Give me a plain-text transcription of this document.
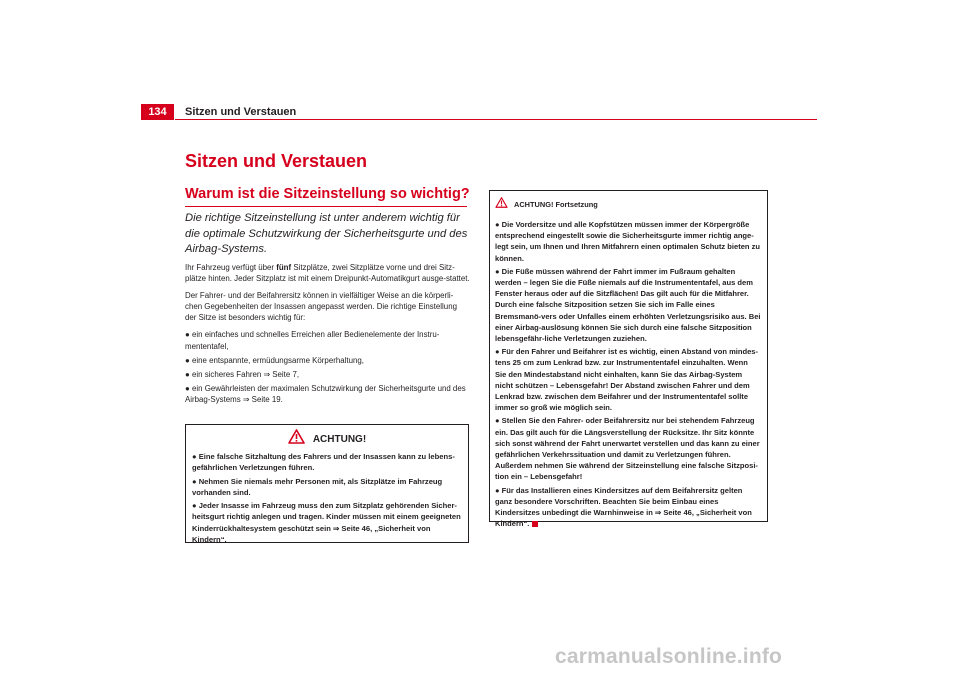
134	Sitzen und Verstauen
Sitzen und Verstauen
Warum ist die Sitzeinstellung so wichtig?

Die richtige Sitzeinstellung ist unter anderem wichtig für die optimale Schutzwirkung der Sicherheitsgurte und des Airbag-Systems.

Ihr Fahrzeug verfügt über fünf Sitzplätze, zwei Sitzplätze vorne und drei Sitz-plätze hinten. Jeder Sitzplatz ist mit einem Dreipunkt-Automatikgurt ausge-stattet.

Der Fahrer- und der Beifahrersitz können in vielfältiger Weise an die körperli-chen Gegebenheiten der Insassen angepasst werden. Die richtige Einstellung der Sitze ist besonders wichtig für:

● ein einfaches und schnelles Erreichen aller Bedienelemente der Instru-mententafel,
● eine entspannte, ermüdungsarme Körperhaltung,
● ein sicheres Fahren ⇒ Seite 7,
● ein Gewährleisten der maximalen Schutzwirkung der Sicherheitsgurte und des Airbag-Systems ⇒ Seite 19.
ACHTUNG!
● Eine falsche Sitzhaltung des Fahrers und der Insassen kann zu lebens-gefährlichen Verletzungen führen.
● Nehmen Sie niemals mehr Personen mit, als Sitzplätze im Fahrzeug vorhanden sind.
● Jeder Insasse im Fahrzeug muss den zum Sitzplatz gehörenden Sicher-heitsgurt richtig anlegen und tragen. Kinder müssen mit einem geeigneten Kinderrückhaltesystem geschützt sein ⇒ Seite 46, „Sicherheit von Kindern“.
ACHTUNG! Fortsetzung
● Die Vordersitze und alle Kopfstützen müssen immer der Körpergröße entsprechend eingestellt sowie die Sicherheitsgurte immer richtig ange-legt sein, um Ihnen und Ihren Mitfahrern einen optimalen Schutz bieten zu können.
● Die Füße müssen während der Fahrt immer im Fußraum gehalten werden – legen Sie die Füße niemals auf die Instrumententafel, aus dem Fenster heraus oder auf die Sitzflächen! Das gilt auch für die Mitfahrer. Durch eine falsche Sitzposition setzen Sie sich im Falle eines Bremsmanö-vers oder Unfalles einem erhöhten Verletzungsrisiko aus. Bei einer Airbag-auslösung können Sie sich durch eine falsche Sitzposition lebensgefähr-liche Verletzungen zuziehen.
● Für den Fahrer und Beifahrer ist es wichtig, einen Abstand von mindes-tens 25 cm zum Lenkrad bzw. zur Instrumententafel einzuhalten. Wenn Sie den Mindestabstand nicht einhalten, kann Sie das Airbag-System nicht schützen – Lebensgefahr! Der Abstand zwischen Fahrer und dem Lenkrad bzw. zwischen dem Beifahrer und der Instrumententafel sollte immer so groß wie möglich sein.
● Stellen Sie den Fahrer- oder Beifahrersitz nur bei stehendem Fahrzeug ein. Das gilt auch für die Längsverstellung der Rücksitze. Ihr Sitz könnte sich sonst während der Fahrt unerwartet verstellen und das kann zu einer gefährlichen Verkehrssituation und damit zu Verletzungen führen. Außerdem nehmen Sie während der Sitzeinstellung eine falsche Sitzposi-tion ein – Lebensgefahr!
● Für das Installieren eines Kindersitzes auf dem Beifahrersitz gelten ganz besondere Vorschriften. Beachten Sie beim Einbau eines Kindersitzes unbedingt die Warnhinweise in ⇒ Seite 46, „Sicherheit von Kindern“.
carmanualsonline.info
